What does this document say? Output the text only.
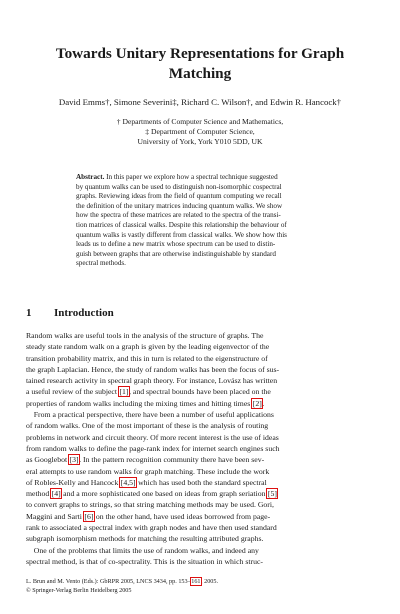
Towards Unitary Representations for Graph
Matching
David Emms†, Simone Severini‡, Richard C. Wilson†, and Edwin R. Hancock†
† Departments of Computer Science and Mathematics,
‡ Department of Computer Science,
University of York, York Y010 5DD, UK
Abstract. In this paper we explore how a spectral technique suggested
by quantum walks can be used to distinguish non-isomorphic cospectral
graphs. Reviewing ideas from the field of quantum computing we recall
the definition of the unitary matrices inducing quantum walks. We show
how the spectra of these matrices are related to the spectra of the transi-
tion matrices of classical walks. Despite this relationship the behaviour of
quantum walks is vastly different from classical walks. We show how this
leads us to define a new matrix whose spectrum can be used to distin-
guish between graphs that are otherwise indistinguishable by standard
spectral methods.
1 Introduction
Random walks are useful tools in the analysis of the structure of graphs. The
steady state random walk on a graph is given by the leading eigenvector of the
transition probability matrix, and this in turn is related to the eigenstructure of
the graph Laplacian. Hence, the study of random walks has been the focus of sus-
tained research activity in spectral graph theory. For instance, Lovász has written
a useful review of the subject [1], and spectral bounds have been placed on the
properties of random walks including the mixing times and hitting times [2].
 From a practical perspective, there have been a number of useful applications
of random walks. One of the most important of these is the analysis of routing
problems in network and circuit theory. Of more recent interest is the use of ideas
from random walks to define the page-rank index for internet search engines such
as Googlebot [3]. In the pattern recognition community there have been sev-
eral attempts to use random walks for graph matching. These include the work
of Robles-Kelly and Hancock [4,5] which has used both the standard spectral
method [4] and a more sophisticated one based on ideas from graph seriation [5]
to convert graphs to strings, so that string matching methods may be used. Gori,
Maggini and Sarti [6] on the other hand, have used ideas borrowed from page-
rank to associated a spectral index with graph nodes and have then used standard
subgraph isomorphism methods for matching the resulting attributed graphs.
 One of the problems that limits the use of random walks, and indeed any
spectral method, is that of co-spectrality. This is the situation in which struc-
L. Brun and M. Vento (Eds.): GbRPR 2005, LNCS 3434, pp. 153–161, 2005.
© Springer-Verlag Berlin Heidelberg 2005
